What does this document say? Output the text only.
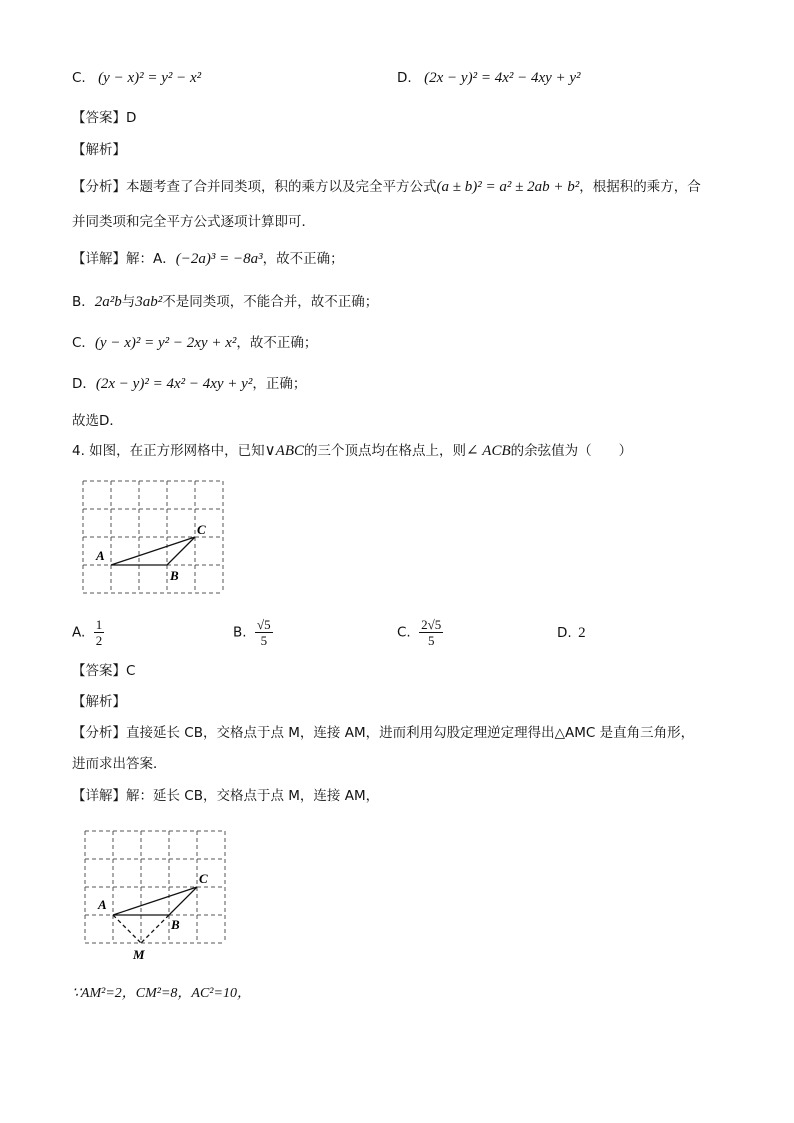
C. (y − x)² = y² − x²	D. (2x − y)² = 4x² − 4xy + y²
【答案】D
【解析】
【分析】本题考查了合并同类项，积的乘方以及完全平方公式(a ± b)² = a² ± 2ab + b²，根据积的乘方，合
并同类项和完全平方公式逐项计算即可．
【详解】解：A．(−2a)³ = −8a³，故不正确；
B．2a²b与3ab²不是同类项，不能合并，故不正确；
C．(y − x)² = y² − 2xy + x²，故不正确；
D．(2x − y)² = 4x² − 4xy + y²，正确；
故选D．
4. 如图，在正方形网格中，已知∨ABC的三个顶点均在格点上，则∠ ACB的余弦值为（　　）
A
B
C
A. $\frac{1}{2}$	B. $\frac{√5}{5}$	C. $\frac{2√5}{5}$	D. 2
【答案】C
【解析】
【分析】直接延长 CB，交格点于点 M，连接 AM，进而利用勾股定理逆定理得出△AMC 是直角三角形，
进而求出答案．
【详解】解：延长 CB，交格点于点 M，连接 AM，
A
B
C
M
∵AM²=2，CM²=8，AC²=10，
